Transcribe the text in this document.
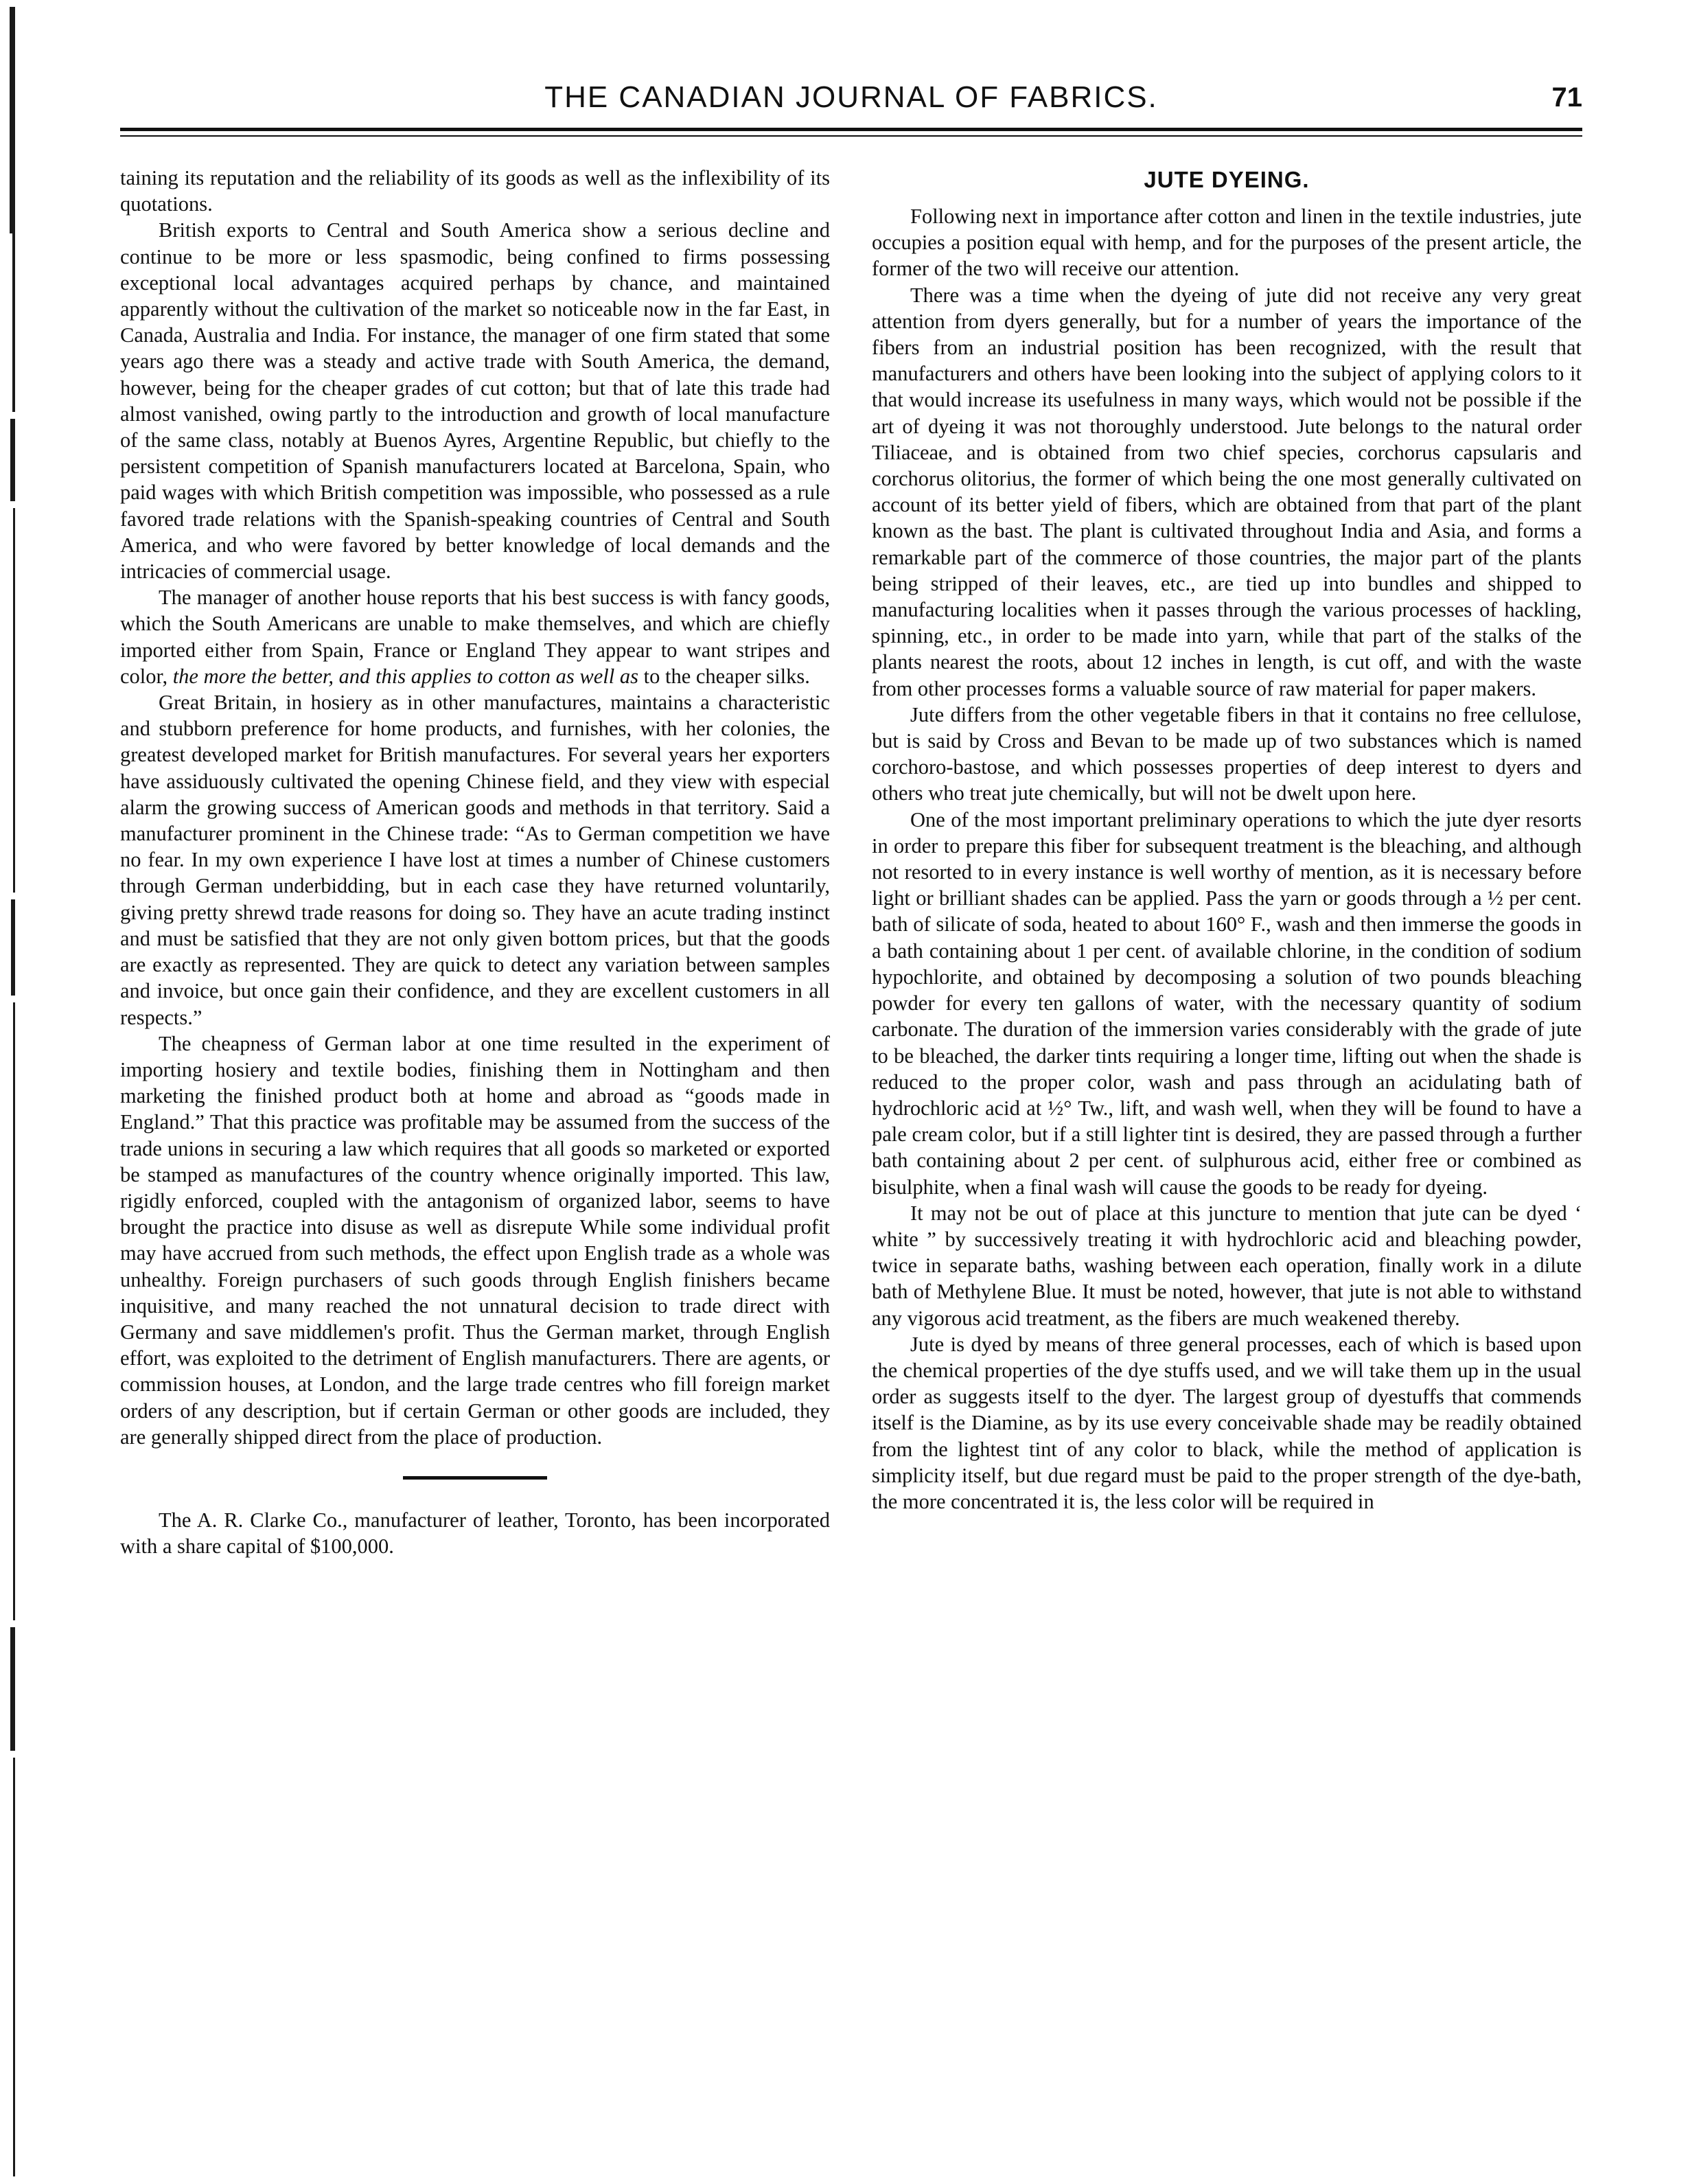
THE CANADIAN JOURNAL OF FABRICS.	71

taining its reputation and the reliability of its goods as well as the inflexibility of its quotations.

British exports to Central and South America show a serious decline and continue to be more or less spasmodic, being confined to firms possessing exceptional local advantages acquired perhaps by chance, and maintained apparently without the cultivation of the market so noticeable now in the far East, in Canada, Australia and India. For instance, the manager of one firm stated that some years ago there was a steady and active trade with South America, the demand, however, being for the cheaper grades of cut cotton; but that of late this trade had almost vanished, owing partly to the introduction and growth of local manufacture of the same class, notably at Buenos Ayres, Argentine Republic, but chiefly to the persistent competition of Spanish manufacturers located at Barcelona, Spain, who paid wages with which British competition was impossible, who possessed as a rule favored trade relations with the Spanish-speaking countries of Central and South America, and who were favored by better knowledge of local demands and the intricacies of commercial usage.

The manager of another house reports that his best success is with fancy goods, which the South Americans are unable to make themselves, and which are chiefly imported either from Spain, France or England They appear to want stripes and color, the more the better, and this applies to cotton as well as to the cheaper silks.

Great Britain, in hosiery as in other manufactures, maintains a characteristic and stubborn preference for home products, and furnishes, with her colonies, the greatest developed market for British manufactures. For several years her exporters have assiduously cultivated the opening Chinese field, and they view with especial alarm the growing success of American goods and methods in that territory. Said a manufacturer prominent in the Chinese trade: “As to German competition we have no fear. In my own experience I have lost at times a number of Chinese customers through German underbidding, but in each case they have returned voluntarily, giving pretty shrewd trade reasons for doing so. They have an acute trading instinct and must be satisfied that they are not only given bottom prices, but that the goods are exactly as represented. They are quick to detect any variation between samples and invoice, but once gain their confidence, and they are excellent customers in all respects.”

The cheapness of German labor at one time resulted in the experiment of importing hosiery and textile bodies, finishing them in Nottingham and then marketing the finished product both at home and abroad as “goods made in England.” That this practice was profitable may be assumed from the success of the trade unions in securing a law which requires that all goods so marketed or exported be stamped as manufactures of the country whence originally imported. This law, rigidly enforced, coupled with the antagonism of organized labor, seems to have brought the practice into disuse as well as disrepute While some individual profit may have accrued from such methods, the effect upon English trade as a whole was unhealthy. Foreign purchasers of such goods through English finishers became inquisitive, and many reached the not unnatural decision to trade direct with Germany and save middlemen's profit. Thus the German market, through English effort, was exploited to the detriment of English manufacturers. There are agents, or commission houses, at London, and the large trade centres who fill foreign market orders of any description, but if certain German or other goods are included, they are generally shipped direct from the place of production.

The A. R. Clarke Co., manufacturer of leather, Toronto, has been incorporated with a share capital of $100,000.

JUTE DYEING.

Following next in importance after cotton and linen in the textile industries, jute occupies a position equal with hemp, and for the purposes of the present article, the former of the two will receive our attention.

There was a time when the dyeing of jute did not receive any very great attention from dyers generally, but for a number of years the importance of the fibers from an industrial position has been recognized, with the result that manufacturers and others have been looking into the subject of applying colors to it that would increase its usefulness in many ways, which would not be possible if the art of dyeing it was not thoroughly understood. Jute belongs to the natural order Tiliaceae, and is obtained from two chief species, corchorus capsularis and corchorus olitorius, the former of which being the one most generally cultivated on account of its better yield of fibers, which are obtained from that part of the plant known as the bast. The plant is cultivated throughout India and Asia, and forms a remarkable part of the commerce of those countries, the major part of the plants being stripped of their leaves, etc., are tied up into bundles and shipped to manufacturing localities when it passes through the various processes of hackling, spinning, etc., in order to be made into yarn, while that part of the stalks of the plants nearest the roots, about 12 inches in length, is cut off, and with the waste from other processes forms a valuable source of raw material for paper makers.

Jute differs from the other vegetable fibers in that it contains no free cellulose, but is said by Cross and Bevan to be made up of two substances which is named corchoro-bastose, and which possesses properties of deep interest to dyers and others who treat jute chemically, but will not be dwelt upon here.

One of the most important preliminary operations to which the jute dyer resorts in order to prepare this fiber for subsequent treatment is the bleaching, and although not resorted to in every instance is well worthy of mention, as it is necessary before light or brilliant shades can be applied. Pass the yarn or goods through a ½ per cent. bath of silicate of soda, heated to about 160° F., wash and then immerse the goods in a bath containing about 1 per cent. of available chlorine, in the condition of sodium hypochlorite, and obtained by decomposing a solution of two pounds bleaching powder for every ten gallons of water, with the necessary quantity of sodium carbonate. The duration of the immersion varies considerably with the grade of jute to be bleached, the darker tints requiring a longer time, lifting out when the shade is reduced to the proper color, wash and pass through an acidulating bath of hydrochloric acid at ½° Tw., lift, and wash well, when they will be found to have a pale cream color, but if a still lighter tint is desired, they are passed through a further bath containing about 2 per cent. of sulphurous acid, either free or combined as bisulphite, when a final wash will cause the goods to be ready for dyeing.

It may not be out of place at this juncture to mention that jute can be dyed ‘ white ” by successively treating it with hydrochloric acid and bleaching powder, twice in separate baths, washing between each operation, finally work in a dilute bath of Methylene Blue. It must be noted, however, that jute is not able to withstand any vigorous acid treatment, as the fibers are much weakened thereby.

Jute is dyed by means of three general processes, each of which is based upon the chemical properties of the dye stuffs used, and we will take them up in the usual order as suggests itself to the dyer. The largest group of dyestuffs that commends itself is the Diamine, as by its use every conceivable shade may be readily obtained from the lightest tint of any color to black, while the method of application is simplicity itself, but due regard must be paid to the proper strength of the dye-bath, the more concentrated it is, the less color will be required in
